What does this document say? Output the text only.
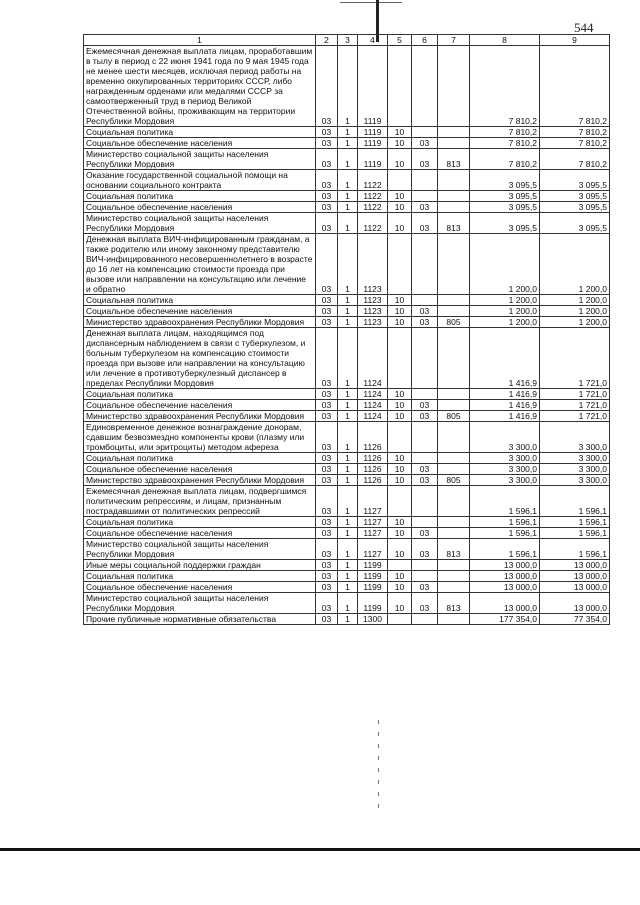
544
1	2	3	4	5	6	7	8	9
Ежемесячная денежная выплата лицам, проработавшим в тылу в период с 22 июня 1941 года по 9 мая 1945 года не менее шести месяцев, исключая период работы на временно оккупированных территориях СССР, либо награжденным орденами или медалями СССР за самоотверженный труд в период Великой Отечественной войны, проживающим на территории Республики Мордовия	03	1	1119				7 810,2	7 810,2
Социальная политика	03	1	1119	10			7 810,2	7 810,2
Социальное обеспечение населения	03	1	1119	10	03		7 810,2	7 810,2
Министерство социальной защиты населения Республики Мордовия	03	1	1119	10	03	813	7 810,2	7 810,2
Оказание государственной социальной помощи на основании социального контракта	03	1	1122				3 095,5	3 095,5
Социальная политика	03	1	1122	10			3 095,5	3 095,5
Социальное обеспечение населения	03	1	1122	10	03		3 095,5	3 095,5
Министерство социальной защиты населения Республики Мордовия	03	1	1122	10	03	813	3 095,5	3 095,5
Денежная выплата ВИЧ-инфицированным гражданам, а также родителю или иному законному представителю ВИЧ-инфицированного несовершеннолетнего в возрасте до 16 лет на компенсацию стоимости проезда при вызове или направлении на консультацию или лечение и обратно	03	1	1123				1 200,0	1 200,0
Социальная политика	03	1	1123	10			1 200,0	1 200,0
Социальное обеспечение населения	03	1	1123	10	03		1 200,0	1 200,0
Министерство здравоохранения Республики Мордовия	03	1	1123	10	03	805	1 200,0	1 200,0
Денежная выплата лицам, находящимся под диспансерным наблюдением в связи с туберкулезом, и больным туберкулезом на компенсацию стоимости проезда при вызове или направлении на консультацию или лечение в противотуберкулезный диспансер в пределах Республики Мордовия	03	1	1124				1 416,9	1 721,0
Социальная политика	03	1	1124	10			1 416,9	1 721,0
Социальное обеспечение населения	03	1	1124	10	03		1 416,9	1 721,0
Министерство здравоохранения Республики Мордовия	03	1	1124	10	03	805	1 416,9	1 721,0
Единовременное денежное вознаграждение донорам, сдавшим безвозмездно компоненты крови (плазму или тромбоциты, или эритроциты) методом афереза	03	1	1126				3 300,0	3 300,0
Социальная политика	03	1	1126	10			3 300,0	3 300,0
Социальное обеспечение населения	03	1	1126	10	03		3 300,0	3 300,0
Министерство здравоохранения Республики Мордовия	03	1	1126	10	03	805	3 300,0	3 300,0
Ежемесячная денежная выплата лицам, подвергшимся политическим репрессиям, и лицам, признанным пострадавшими от политических репрессий	03	1	1127				1 596,1	1 596,1
Социальная политика	03	1	1127	10			1 596,1	1 596,1
Социальное обеспечение населения	03	1	1127	10	03		1 596,1	1 596,1
Министерство социальной защиты населения Республики Мордовия	03	1	1127	10	03	813	1 596,1	1 596,1
Иные меры социальной поддержки граждан	03	1	1199				13 000,0	13 000,0
Социальная политика	03	1	1199	10			13 000,0	13 000,0
Социальное обеспечение населения	03	1	1199	10	03		13 000,0	13 000,0
Министерство социальной защиты населения Республики Мордовия	03	1	1199	10	03	813	13 000,0	13 000,0
Прочие публичные нормативные обязательства	03	1	1300				177 354,0	77 354,0
